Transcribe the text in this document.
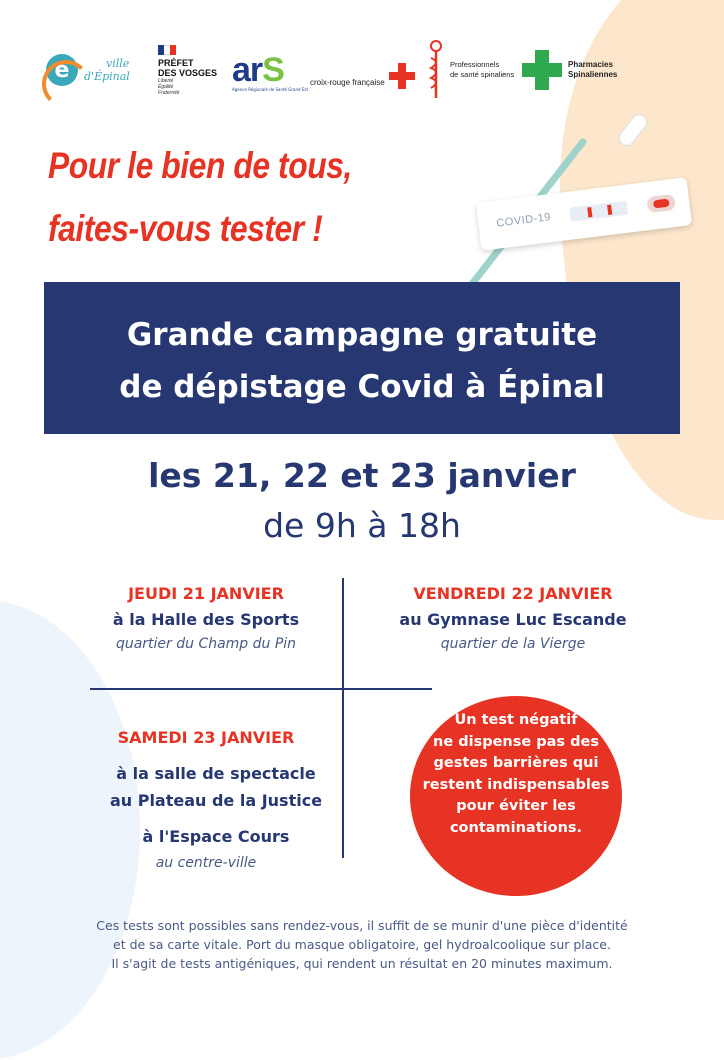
e	ville
d'Épinal
PRÉFET
DES VOSGES
Liberté
Égalité
Fraternité
arS
Agence Régionale de Santé Grand Est
croix-rouge française
Professionnels
de santé spinaliens
Pharmacies
Spinaliennes
Pour le bien de tous,
faites-vous tester !	COVID-19
Grande campagne gratuite
de dépistage Covid à Épinal
les 21, 22 et 23 janvier
de 9h à 18h
JEUDI 21 JANVIER
à la Halle des Sports
quartier du Champ du Pin
VENDREDI 22 JANVIER
au Gymnase Luc Escande
quartier de la Vierge
SAMEDI 23 JANVIER
à la salle de spectacle
au Plateau de la Justice
à l'Espace Cours
au centre-ville
Un test négatif
ne dispense pas des
gestes barrières qui
restent indispensables
pour éviter les
contaminations.
Ces tests sont possibles sans rendez-vous, il suffit de se munir d'une pièce d'identité
et de sa carte vitale. Port du masque obligatoire, gel hydroalcoolique sur place.
Il s'agit de tests antigéniques, qui rendent un résultat en 20 minutes maximum.
